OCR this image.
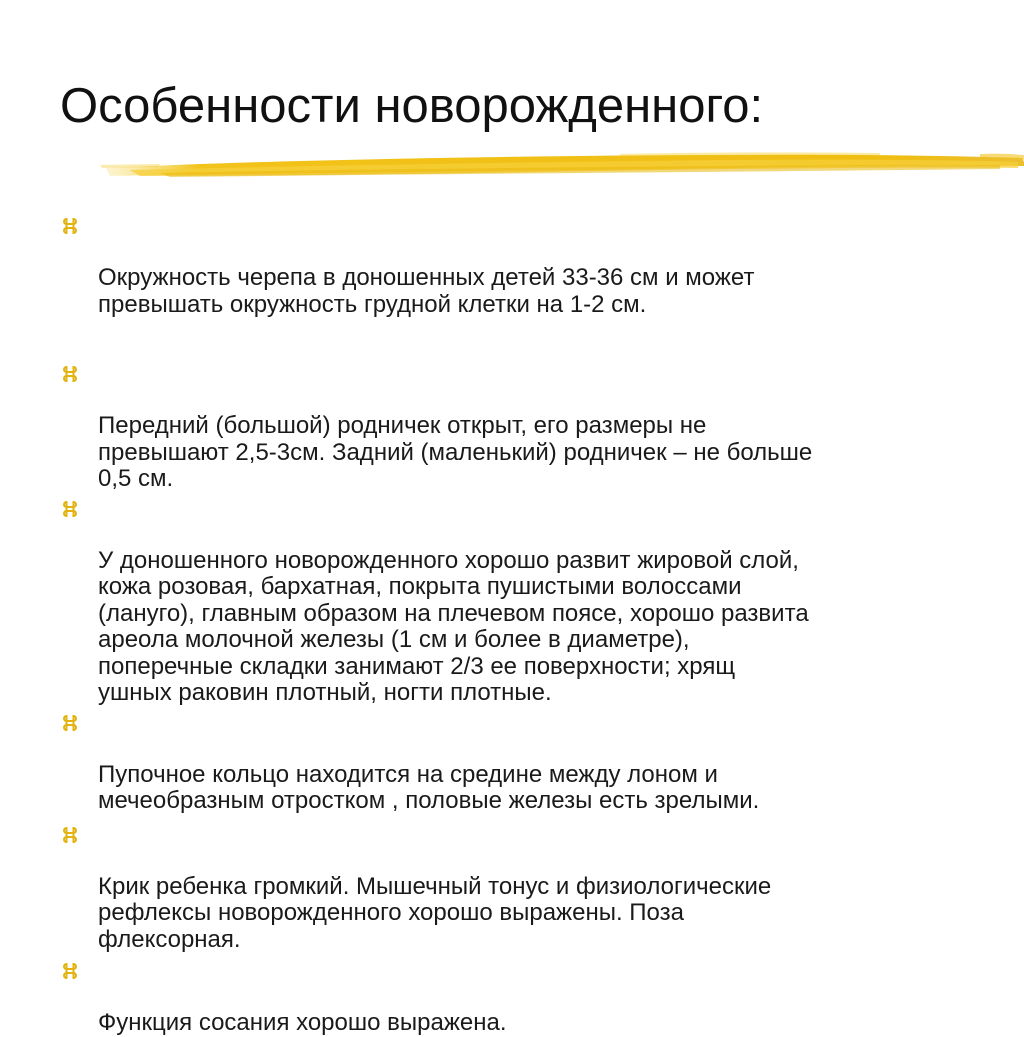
Особенности новорожденного:

Окружность черепа в доношенных детей 33-36 см и может
превышать окружность грудной клетки на 1-2 см.

Передний (большой) родничек открыт, его размеры не
превышают 2,5-3см. Задний (маленький) родничек – не больше
0,5 см.

У доношенного новорожденного хорошо развит жировой слой,
кожа розовая, бархатная, покрыта пушистыми волоссами
(лануго), главным образом на плечевом поясе, хорошо развита
ареола молочной железы (1 см и более в диаметре),
поперечные складки занимают 2/3 ее поверхности; хрящ
ушных раковин плотный, ногти плотные.

Пупочное кольцо находится на средине между лоном и
мечеобразным отростком , половые железы есть зрелыми.

Крик ребенка громкий. Мышечный тонус и физиологические
рефлексы новорожденного хорошо выражены. Поза
флексорная.

Функция сосания хорошо выражена.
